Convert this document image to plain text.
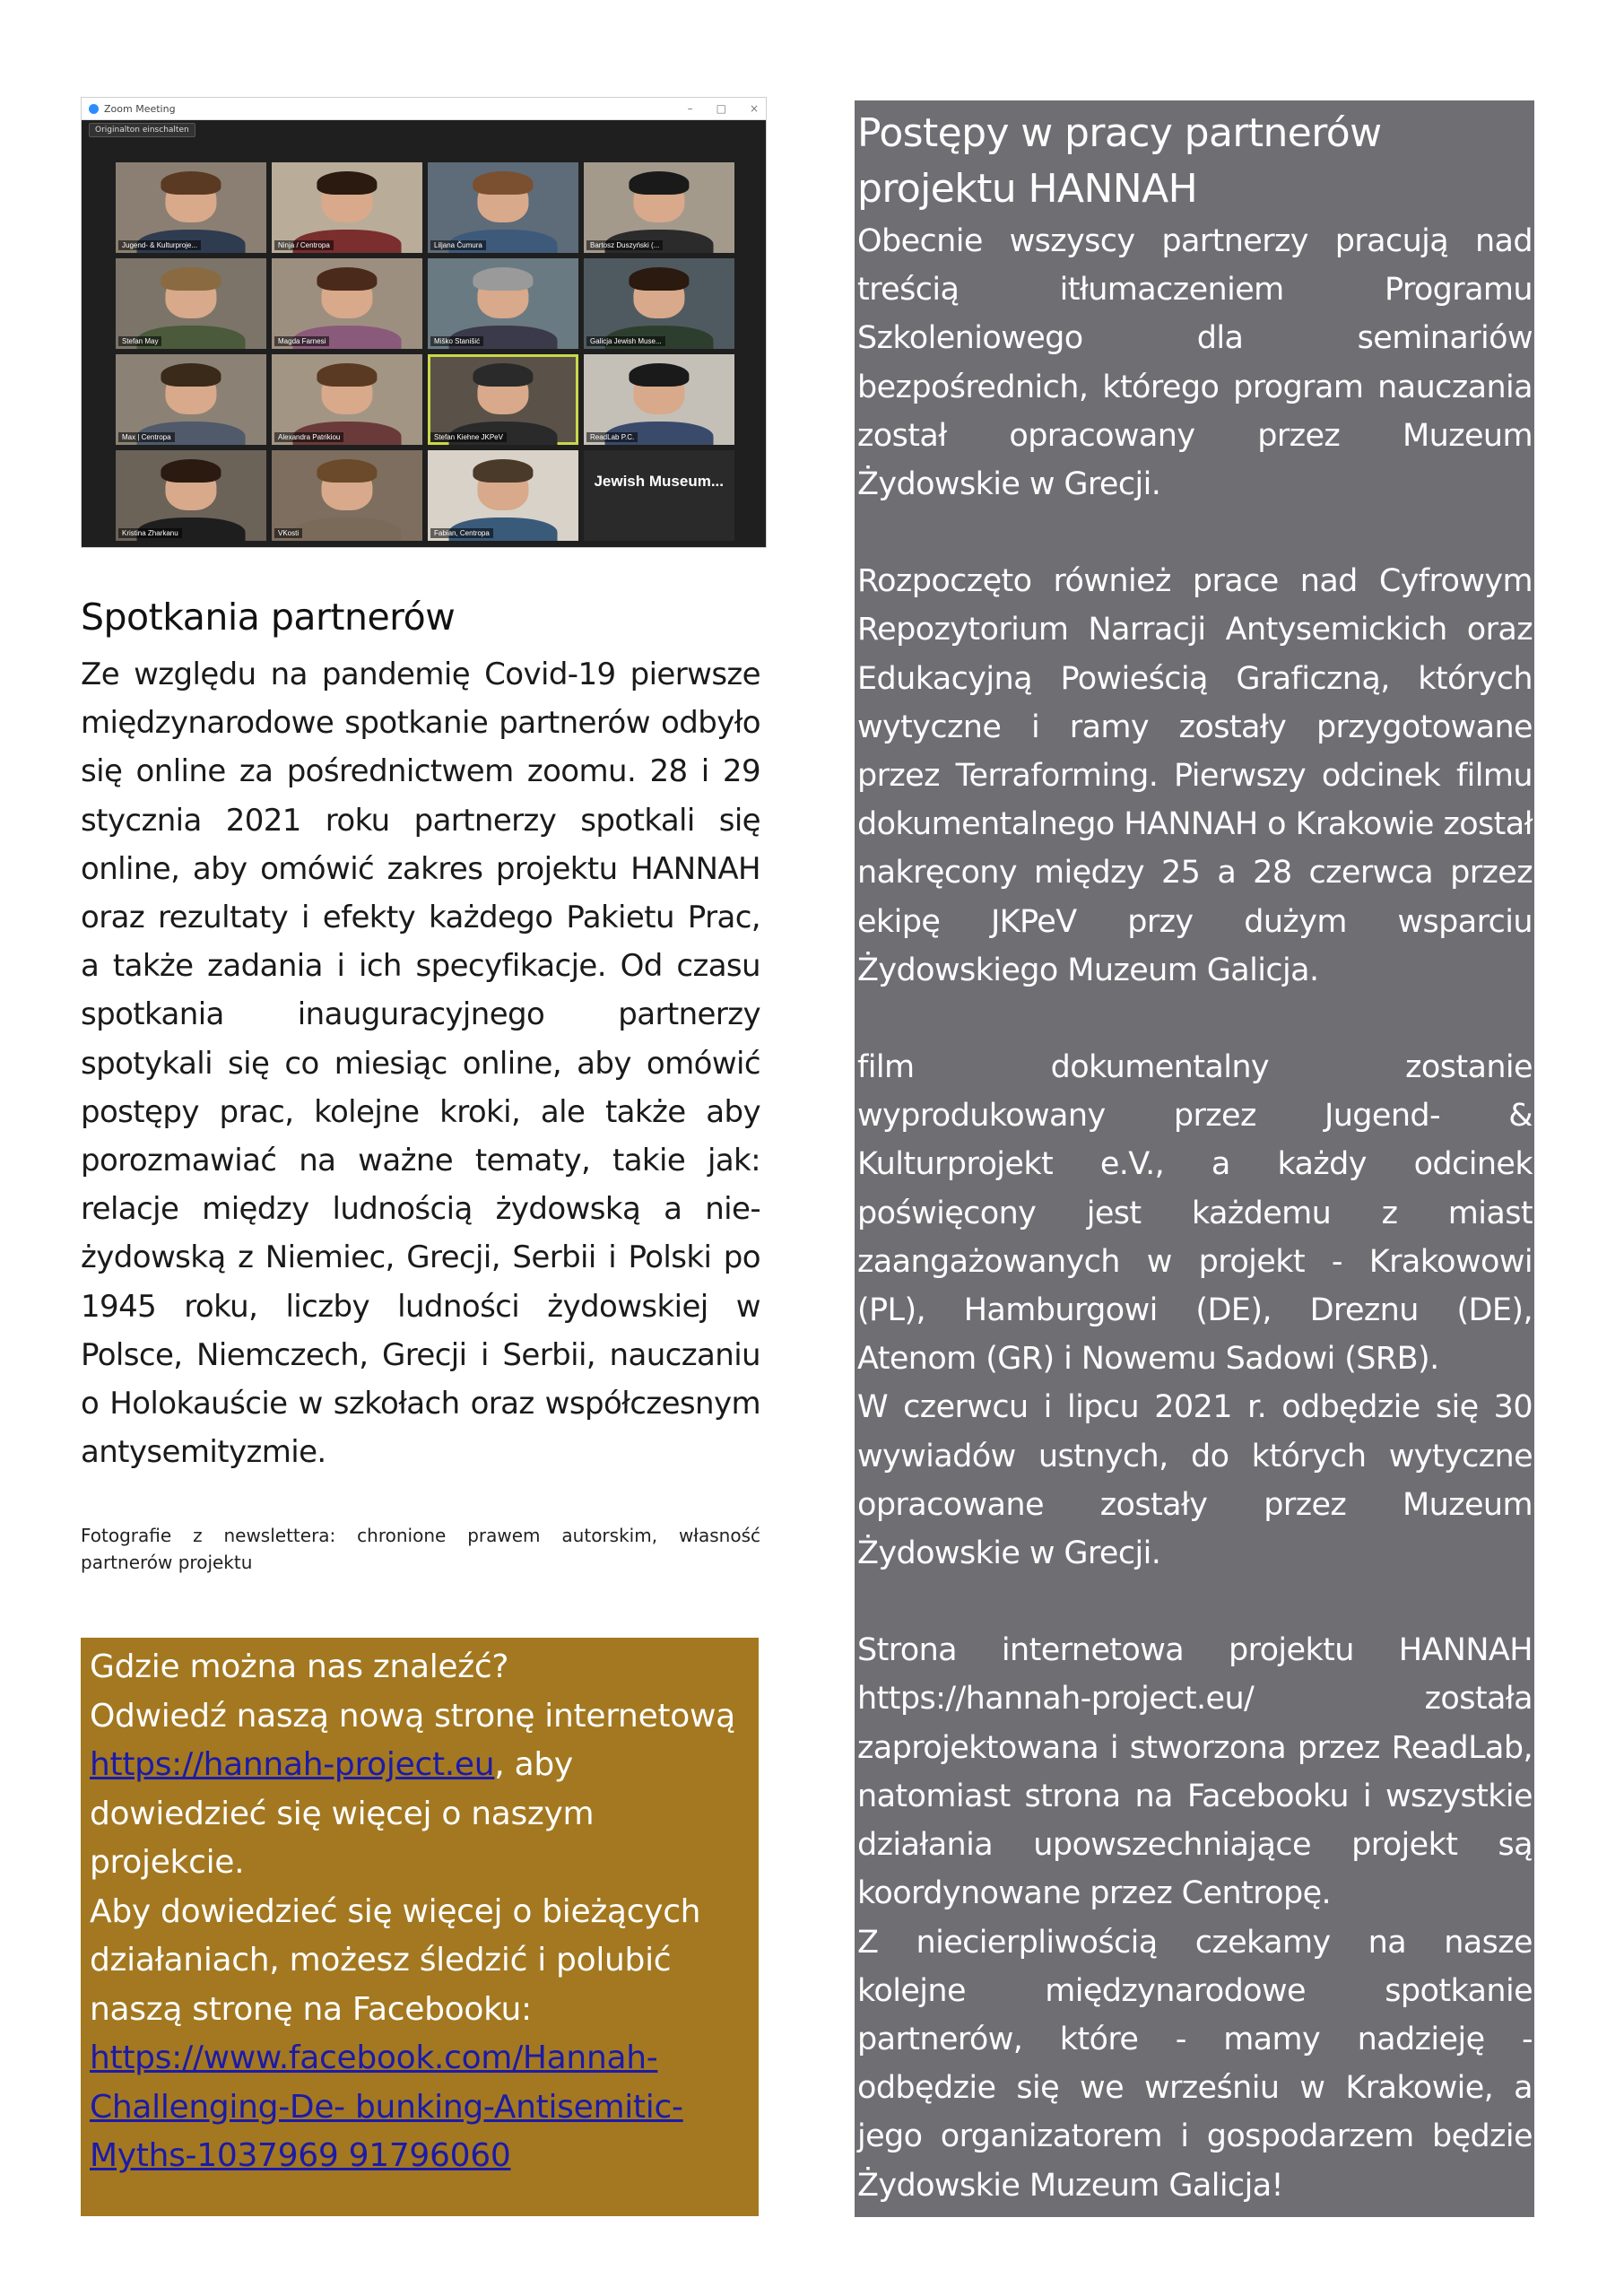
Zoom Meeting	– □ ×
Originalton einschalten
Jugend- & Kulturproje...	Ninja / Centropa	Liljana Čumura	Bartosz Duszyński (...
Stefan May	Magda Farnesi	Miško Stanišić	Galicja Jewish Muse...
Max | Centropa	Alexandra Patrikiou	Stefan Kiehne JKPeV	ReadLab P.C.
Kristina Zharkanu	VKosti	Fabian, Centropa
Jewish Museum...
Spotkania partnerów

Ze względu na pandemię Covid-19 pierwsze międzynarodowe spotkanie partnerów odbyło się online za pośrednictwem zoomu. 28 i 29 stycznia 2021 roku partnerzy spotkali się online, aby omówić zakres projektu HANNAH oraz rezultaty i efekty każdego Pakietu Prac, a także zadania i ich specyfikacje. Od czasu spotkania inauguracyjnego partnerzy spotykali się co miesiąc online, aby omówić postępy prac, kolejne kroki, ale także aby porozmawiać na ważne tematy, takie jak: relacje między ludnością żydowską a nie-żydowską z Niemiec, Grecji, Serbii i Polski po 1945 roku, liczby ludności żydowskiej w Polsce, Niemczech, Grecji i Serbii, nauczaniu o Holokauście w szkołach oraz współczesnym antysemityzmie.

Fotografie z newslettera: chronione prawem autorskim, własność partnerów projektu

Gdzie można nas znaleźć?

Odwiedź naszą nową stronę internetową https://hannah-project.eu, aby dowiedzieć się więcej o naszym projekcie.

Aby dowiedzieć się więcej o bieżących działaniach, możesz śledzić i polubić naszą stronę na Facebooku: https://www.facebook.com/Hannah-Challenging-De- bunking-Antisemitic-Myths-1037969 91796060

Postępy w pracy partnerów projektu HANNAH

Obecnie wszyscy partnerzy pracują nad treścią itłumaczeniem Programu Szkoleniowego dla seminariów bezpośrednich, którego program nauczania został opracowany przez Muzeum Żydowskie w Grecji.

Rozpoczęto również prace nad Cyfrowym Repozytorium Narracji Antysemickich oraz Edukacyjną Powieścią Graficzną, których wytyczne i ramy zostały przygotowane przez Terraforming. Pierwszy odcinek filmu dokumentalnego HANNAH o Krakowie został nakręcony między 25 a 28 czerwca przez ekipę JKPeV przy dużym wsparciu Żydowskiego Muzeum Galicja.

film dokumentalny zostanie wyprodukowany przez Jugend- & Kulturprojekt e.V., a każdy odcinek poświęcony jest każdemu z miast zaangażowanych w projekt - Krakowowi (PL), Hamburgowi (DE), Dreznu (DE), Atenom (GR) i Nowemu Sadowi (SRB).

W czerwcu i lipcu 2021 r. odbędzie się 30 wywiadów ustnych, do których wytyczne opracowane zostały przez Muzeum Żydowskie w Grecji.

Strona internetowa projektu HANNAH https://hannah-project.eu/ została zaprojektowana i stworzona przez ReadLab, natomiast strona na Facebooku i wszystkie działania upowszechniające projekt są koordynowane przez Centropę.

Z niecierpliwością czekamy na nasze kolejne międzynarodowe spotkanie partnerów, które - mamy nadzieję - odbędzie się we wrześniu w Krakowie, a jego organizatorem i gospodarzem będzie Żydowskie Muzeum Galicja!
